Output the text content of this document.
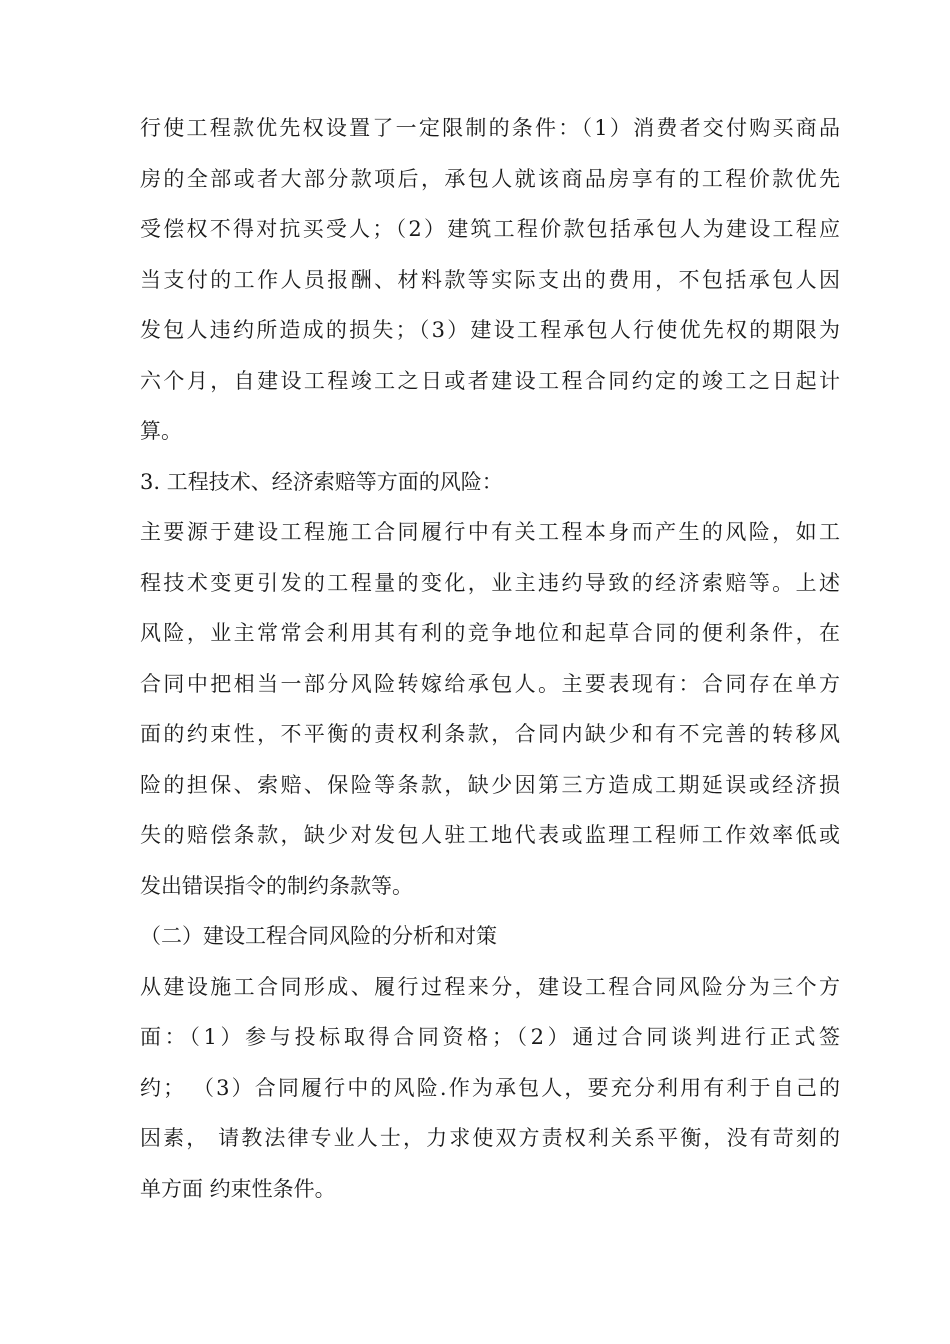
行使工程款优先权设置了一定限制的条件：（1）消费者交付购买商品
房的全部或者大部分款项后，承包人就该商品房享有的工程价款优先
受偿权不得对抗买受人；（2）建筑工程价款包括承包人为建设工程应
当支付的工作人员报酬、材料款等实际支出的费用，不包括承包人因
发包人违约所造成的损失；（3）建设工程承包人行使优先权的期限为
六个月，自建设工程竣工之日或者建设工程合同约定的竣工之日起计
算。
3. 工程技术、经济索赔等方面的风险：
主要源于建设工程施工合同履行中有关工程本身而产生的风险，如工
程技术变更引发的工程量的变化，业主违约导致的经济索赔等。上述
风险，业主常常会利用其有利的竞争地位和起草合同的便利条件，在
合同中把相当一部分风险转嫁给承包人。主要表现有：合同存在单方
面的约束性，不平衡的责权利条款，合同内缺少和有不完善的转移风
险的担保、索赔、保险等条款，缺少因第三方造成工期延误或经济损
失的赔偿条款，缺少对发包人驻工地代表或监理工程师工作效率低或
发出错误指令的制约条款等。
（二）建设工程合同风险的分析和对策
从建设施工合同形成、履行过程来分，建设工程合同风险分为三个方
面：（1）参与投标取得合同资格；（2）通过合同谈判进行正式签
约； （3）合同履行中的风险.作为承包人，要充分利用有利于自己的
因素， 请教法律专业人士，力求使双方责权利关系平衡，没有苛刻的
单方面 约束性条件。
